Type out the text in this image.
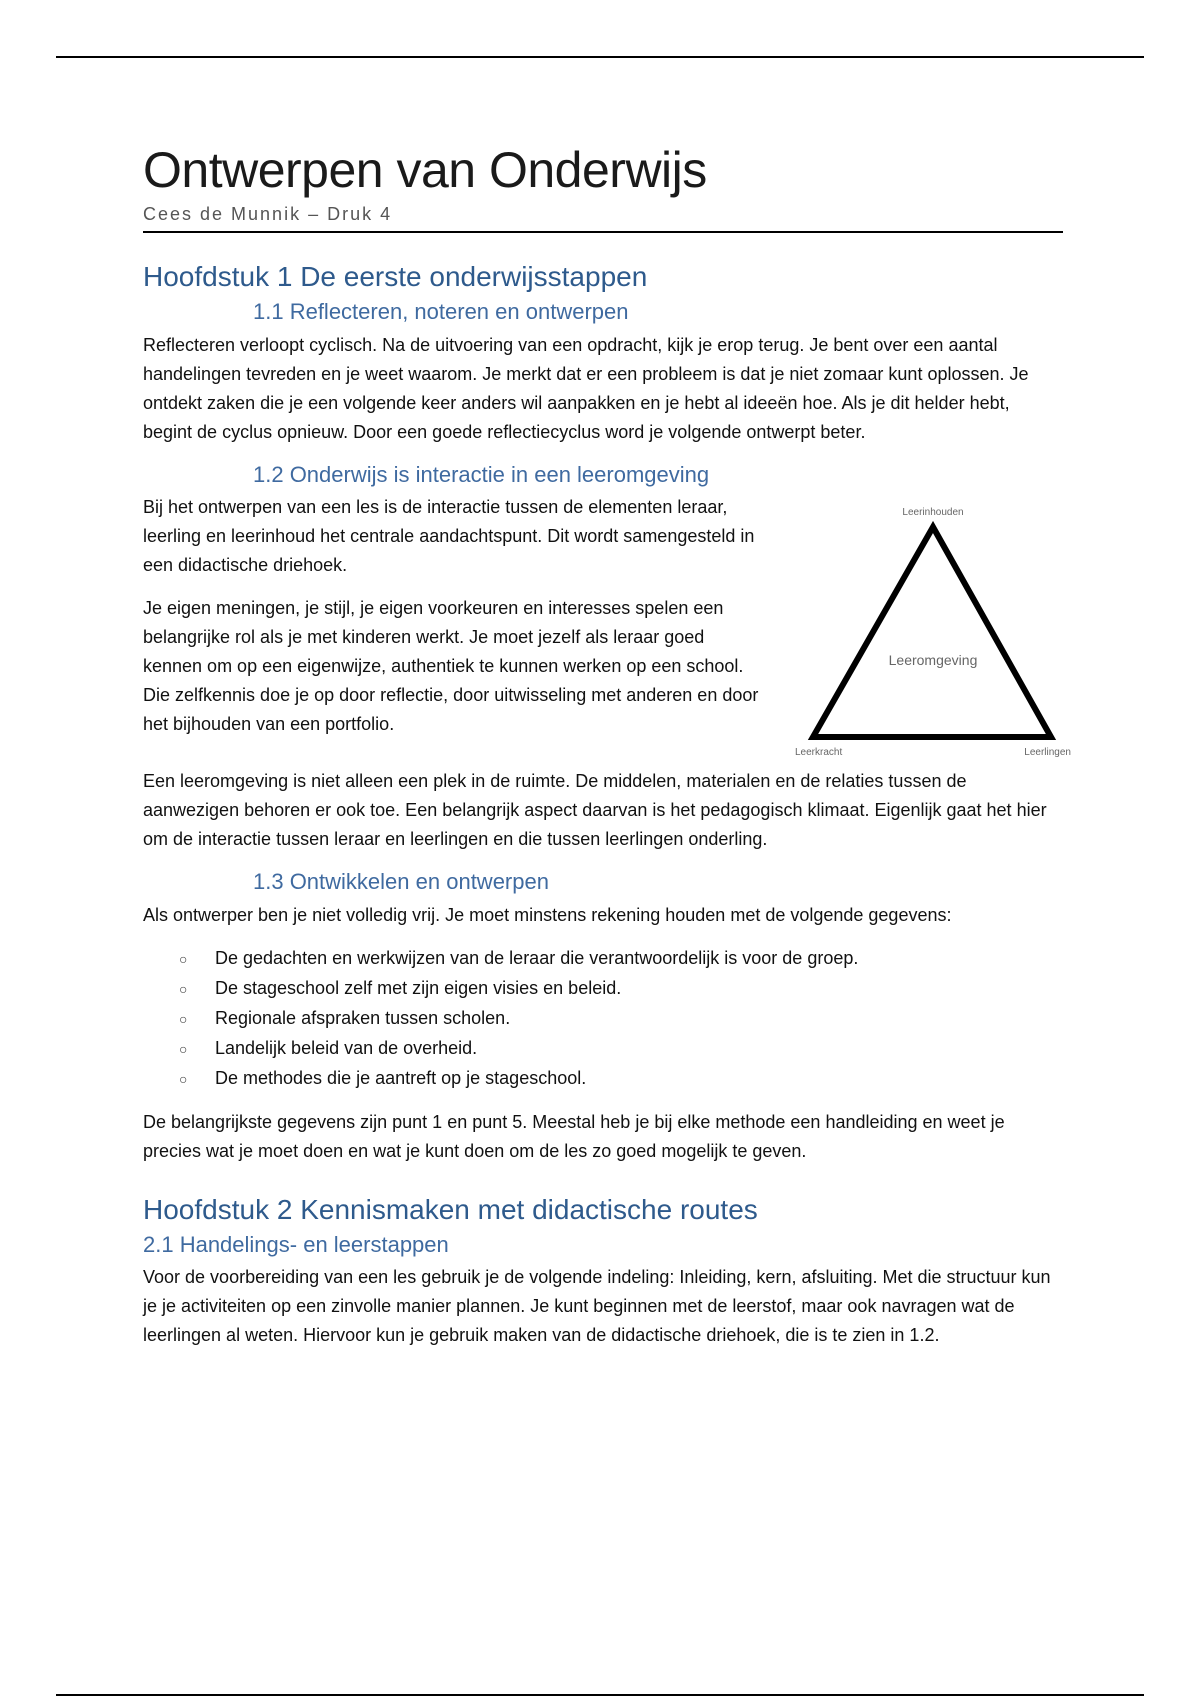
Ontwerpen van Onderwijs
Cees de Munnik – Druk 4
Hoofdstuk 1 De eerste onderwijsstappen
1.1 Reflecteren, noteren en ontwerpen

Reflecteren verloopt cyclisch. Na de uitvoering van een opdracht, kijk je erop terug. Je bent over een aantal handelingen tevreden en je weet waarom. Je merkt dat er een probleem is dat je niet zomaar kunt oplossen. Je ontdekt zaken die je een volgende keer anders wil aanpakken en je hebt al ideeën hoe. Als je dit helder hebt, begint de cyclus opnieuw. Door een goede reflectiecyclus word je volgende ontwerpt beter.

1.2 Onderwijs is interactie in een leeromgeving

Bij het ontwerpen van een les is de interactie tussen de elementen leraar, leerling en leerinhoud het centrale aandachtspunt. Dit wordt samengesteld in een didactische driehoek.

Je eigen meningen, je stijl, je eigen voorkeuren en interesses spelen een belangrijke rol als je met kinderen werkt. Je moet jezelf als leraar goed kennen om op een eigenwijze, authentiek te kunnen werken op een school. Die zelfkennis doe je op door reflectie, door uitwisseling met anderen en door het bijhouden van een portfolio.

Leerinhouden
Leeromgeving
Leerkracht	Leerlingen

Een leeromgeving is niet alleen een plek in de ruimte. De middelen, materialen en de relaties tussen de aanwezigen behoren er ook toe. Een belangrijk aspect daarvan is het pedagogisch klimaat. Eigenlijk gaat het hier om de interactie tussen leraar en leerlingen en die tussen leerlingen onderling.

1.3 Ontwikkelen en ontwerpen

Als ontwerper ben je niet volledig vrij. Je moet minstens rekening houden met de volgende gegevens:

○	De gedachten en werkwijzen van de leraar die verantwoordelijk is voor de groep.
○	De stageschool zelf met zijn eigen visies en beleid.
○	Regionale afspraken tussen scholen.
○	Landelijk beleid van de overheid.
○	De methodes die je aantreft op je stageschool.

De belangrijkste gegevens zijn punt 1 en punt 5. Meestal heb je bij elke methode een handleiding en weet je precies wat je moet doen en wat je kunt doen om de les zo goed mogelijk te geven.

Hoofdstuk 2 Kennismaken met didactische routes
2.1 Handelings- en leerstappen

Voor de voorbereiding van een les gebruik je de volgende indeling: Inleiding, kern, afsluiting. Met die structuur kun je je activiteiten op een zinvolle manier plannen. Je kunt beginnen met de leerstof, maar ook navragen wat de leerlingen al weten. Hiervoor kun je gebruik maken van de didactische driehoek, die is te zien in 1.2.
